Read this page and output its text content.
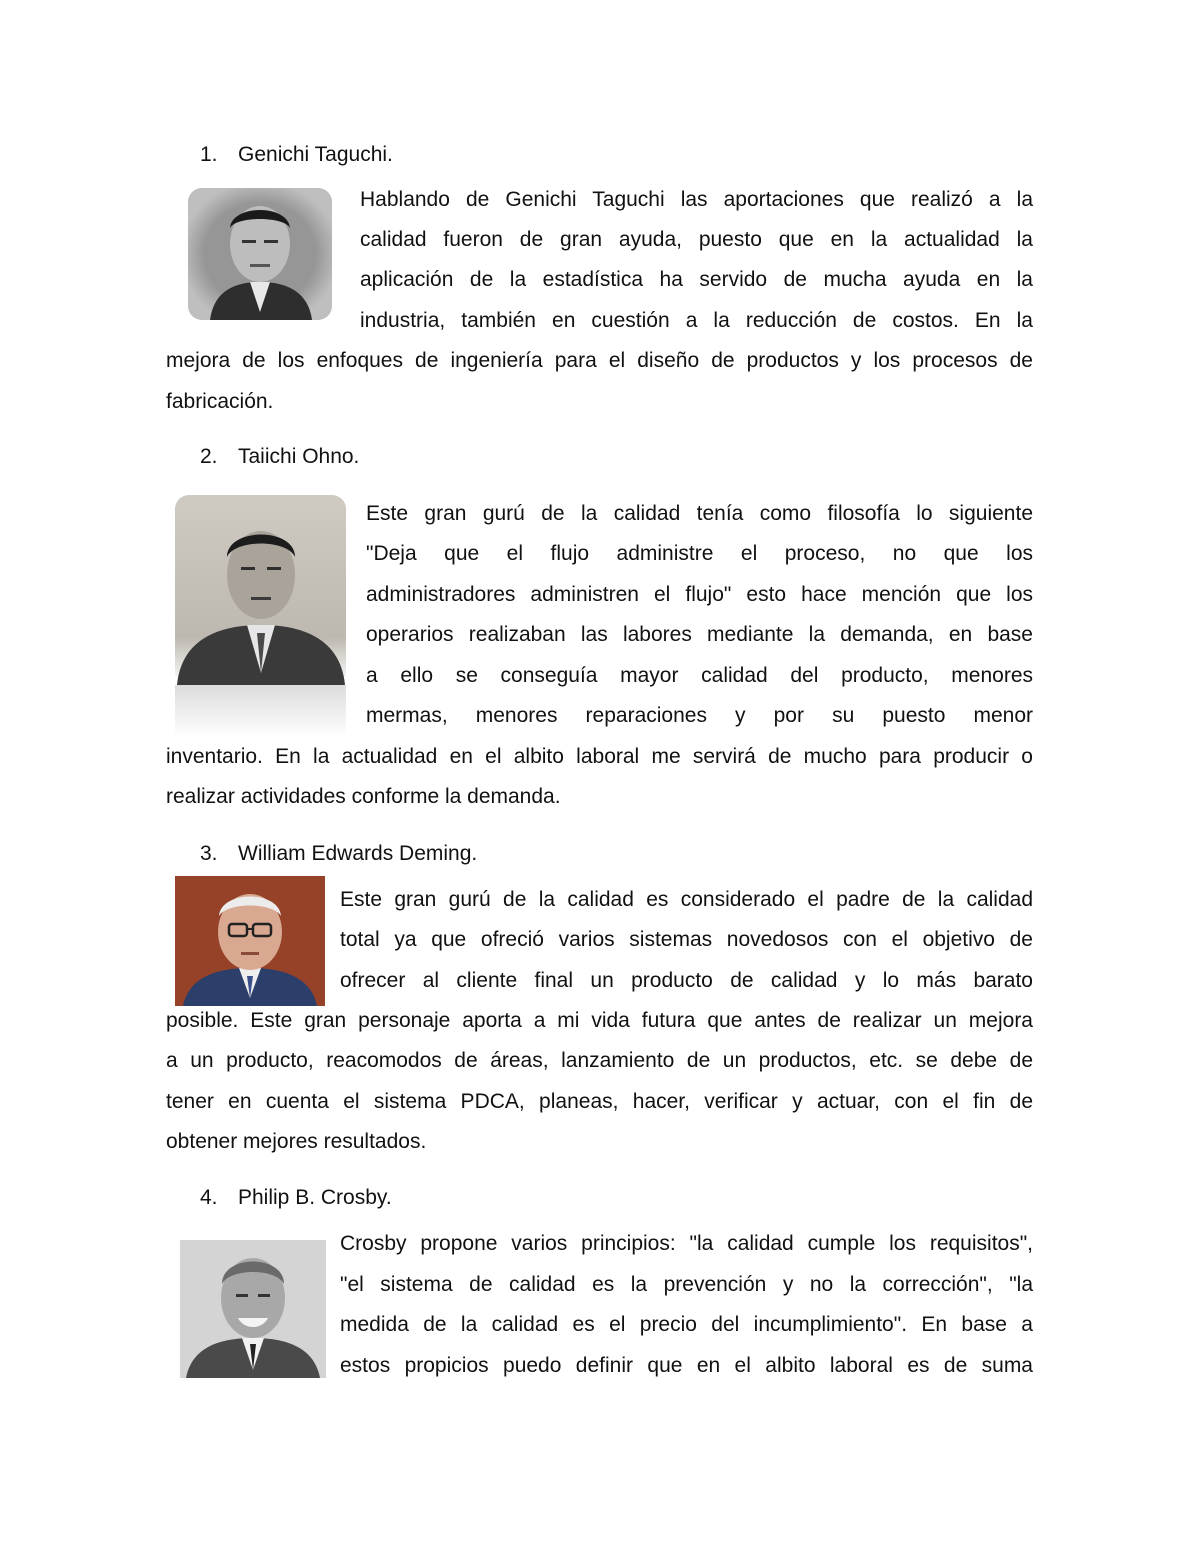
1. Genichi Taguchi.
Hablando de Genichi Taguchi las aportaciones que realizó a la
calidad fueron de gran ayuda, puesto que en la actualidad la
aplicación de la estadística ha servido de mucha ayuda en la
industria, también en cuestión a la reducción de costos. En la
mejora de los enfoques de ingeniería para el diseño de productos y los procesos de
fabricación.
2. Taiichi Ohno.
Este gran gurú de la calidad tenía como filosofía lo siguiente
"Deja que el flujo administre el proceso, no que los
administradores administren el flujo" esto hace mención que los
operarios realizaban las labores mediante la demanda, en base
a ello se conseguía mayor calidad del producto, menores
mermas, menores reparaciones y por su puesto menor
inventario. En la actualidad en el albito laboral me servirá de mucho para producir o
realizar actividades conforme la demanda.
3. William Edwards Deming.
Este gran gurú de la calidad es considerado el padre de la calidad
total ya que ofreció varios sistemas novedosos con el objetivo de
ofrecer al cliente final un producto de calidad y lo más barato
posible. Este gran personaje aporta a mi vida futura que antes de realizar un mejora
a un producto, reacomodos de áreas, lanzamiento de un productos, etc. se debe de
tener en cuenta el sistema PDCA, planeas, hacer, verificar y actuar, con el fin de
obtener mejores resultados.
4. Philip B. Crosby.
Crosby propone varios principios: "la calidad cumple los requisitos",
"el sistema de calidad es la prevención y no la corrección", "la
medida de la calidad es el precio del incumplimiento". En base a
estos propicios puedo definir que en el albito laboral es de suma
